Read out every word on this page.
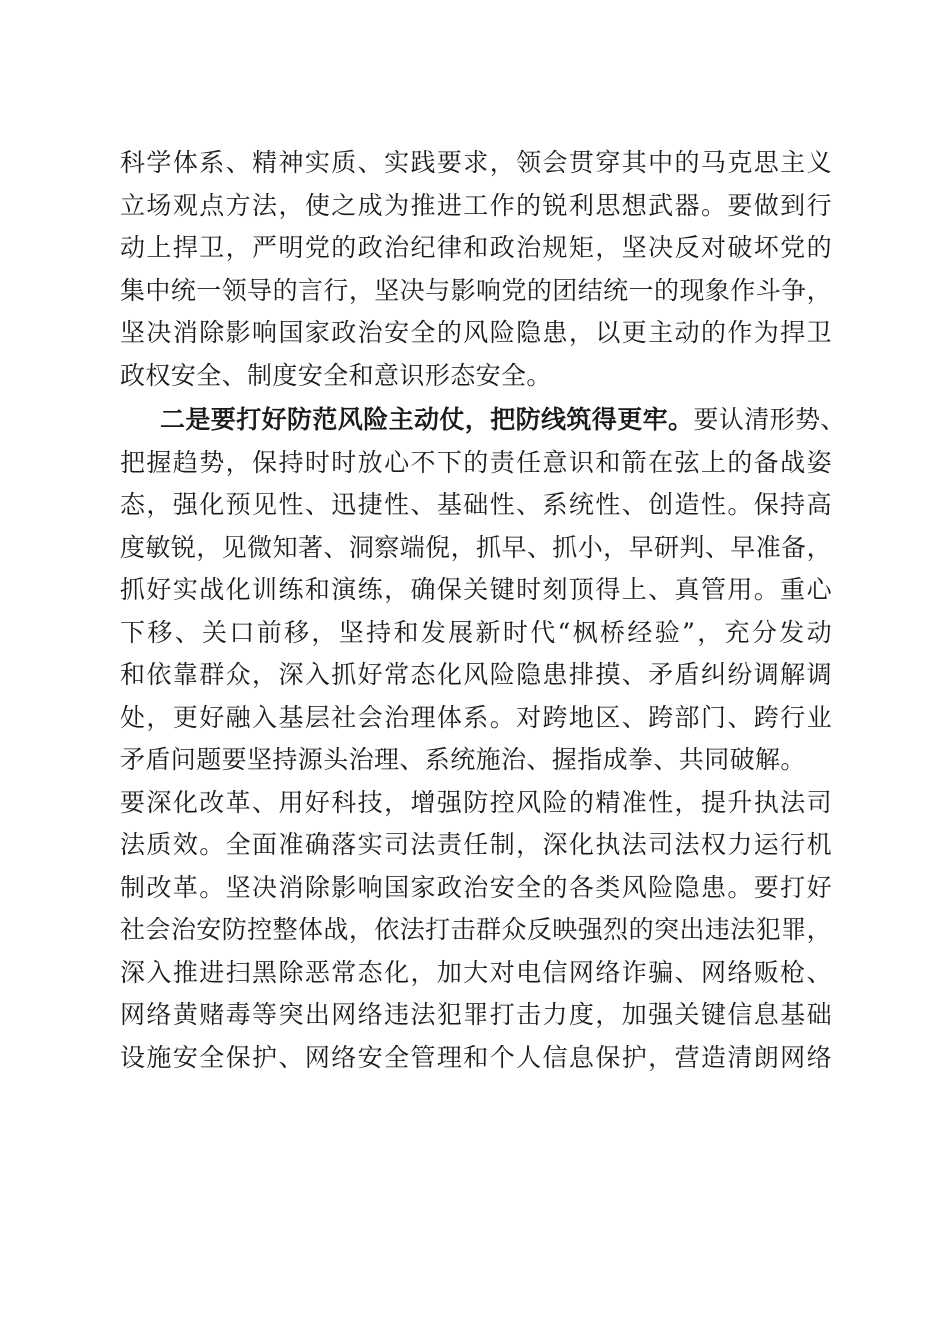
科学体系、精神实质、实践要求，领会贯穿其中的马克思主义
立场观点方法，使之成为推进工作的锐利思想武器。要做到行
动上捍卫，严明党的政治纪律和政治规矩，坚决反对破坏党的
集中统一领导的言行，坚决与影响党的团结统一的现象作斗争，
坚决消除影响国家政治安全的风险隐患，以更主动的作为捍卫
政权安全、制度安全和意识形态安全。
二是要打好防范风险主动仗，把防线筑得更牢。要认清形势、
把握趋势，保持时时放心不下的责任意识和箭在弦上的备战姿
态，强化预见性、迅捷性、基础性、系统性、创造性。保持高
度敏锐，见微知著、洞察端倪，抓早、抓小，早研判、早准备，
抓好实战化训练和演练，确保关键时刻顶得上、真管用。重心
下移、关口前移，坚持和发展新时代“枫桥经验”，充分发动
和依靠群众，深入抓好常态化风险隐患排摸、矛盾纠纷调解调
处，更好融入基层社会治理体系。对跨地区、跨部门、跨行业
矛盾问题要坚持源头治理、系统施治、握指成拳、共同破解。
要深化改革、用好科技，增强防控风险的精准性，提升执法司
法质效。全面准确落实司法责任制，深化执法司法权力运行机
制改革。坚决消除影响国家政治安全的各类风险隐患。要打好
社会治安防控整体战，依法打击群众反映强烈的突出违法犯罪，
深入推进扫黑除恶常态化，加大对电信网络诈骗、网络贩枪、
网络黄赌毒等突出网络违法犯罪打击力度，加强关键信息基础
设施安全保护、网络安全管理和个人信息保护，营造清朗网络
